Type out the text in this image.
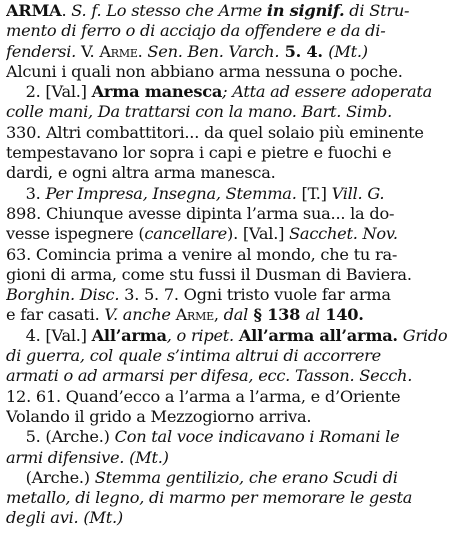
ARMA. S. f. Lo stesso che Arme in signif. di Stru-
mento di ferro o di acciajo da offendere e da di-
fendersi. V. Arme. Sen. Ben. Varch. 5. 4. (Mt.)
Alcuni i quali non abbiano arma nessuna o poche.
2. [Val.] Arma manesca; Atta ad essere adoperata
colle mani, Da trattarsi con la mano. Bart. Simb.
330. Altri combattitori... da quel solaio più eminente
tempestavano lor sopra i capi e pietre e fuochi e
dardi, e ogni altra arma manesca.
3. Per Impresa, Insegna, Stemma. [T.] Vill. G.
898. Chiunque avesse dipinta l’arma sua... la do-
vesse ispegnere (cancellare). [Val.] Sacchet. Nov.
63. Comincia prima a venire al mondo, che tu ra-
gioni di arma, come stu fussi il Dusman di Baviera.
Borghin. Disc. 3. 5. 7. Ogni tristo vuole far arma
e far casati. V. anche Arme, dal § 138 al 140.
4. [Val.] All’arma, o ripet. All’arma all’arma. Grido
di guerra, col quale s’intima altrui di accorrere
armati o ad armarsi per difesa, ecc. Tasson. Secch.
12. 61. Quand’ecco a l’arma a l’arma, e d’Oriente
Volando il grido a Mezzogiorno arriva.
5. (Arche.) Con tal voce indicavano i Romani le
armi difensive. (Mt.)
(Arche.) Stemma gentilizio, che erano Scudi di
metallo, di legno, di marmo per memorare le gesta
degli avi. (Mt.)
